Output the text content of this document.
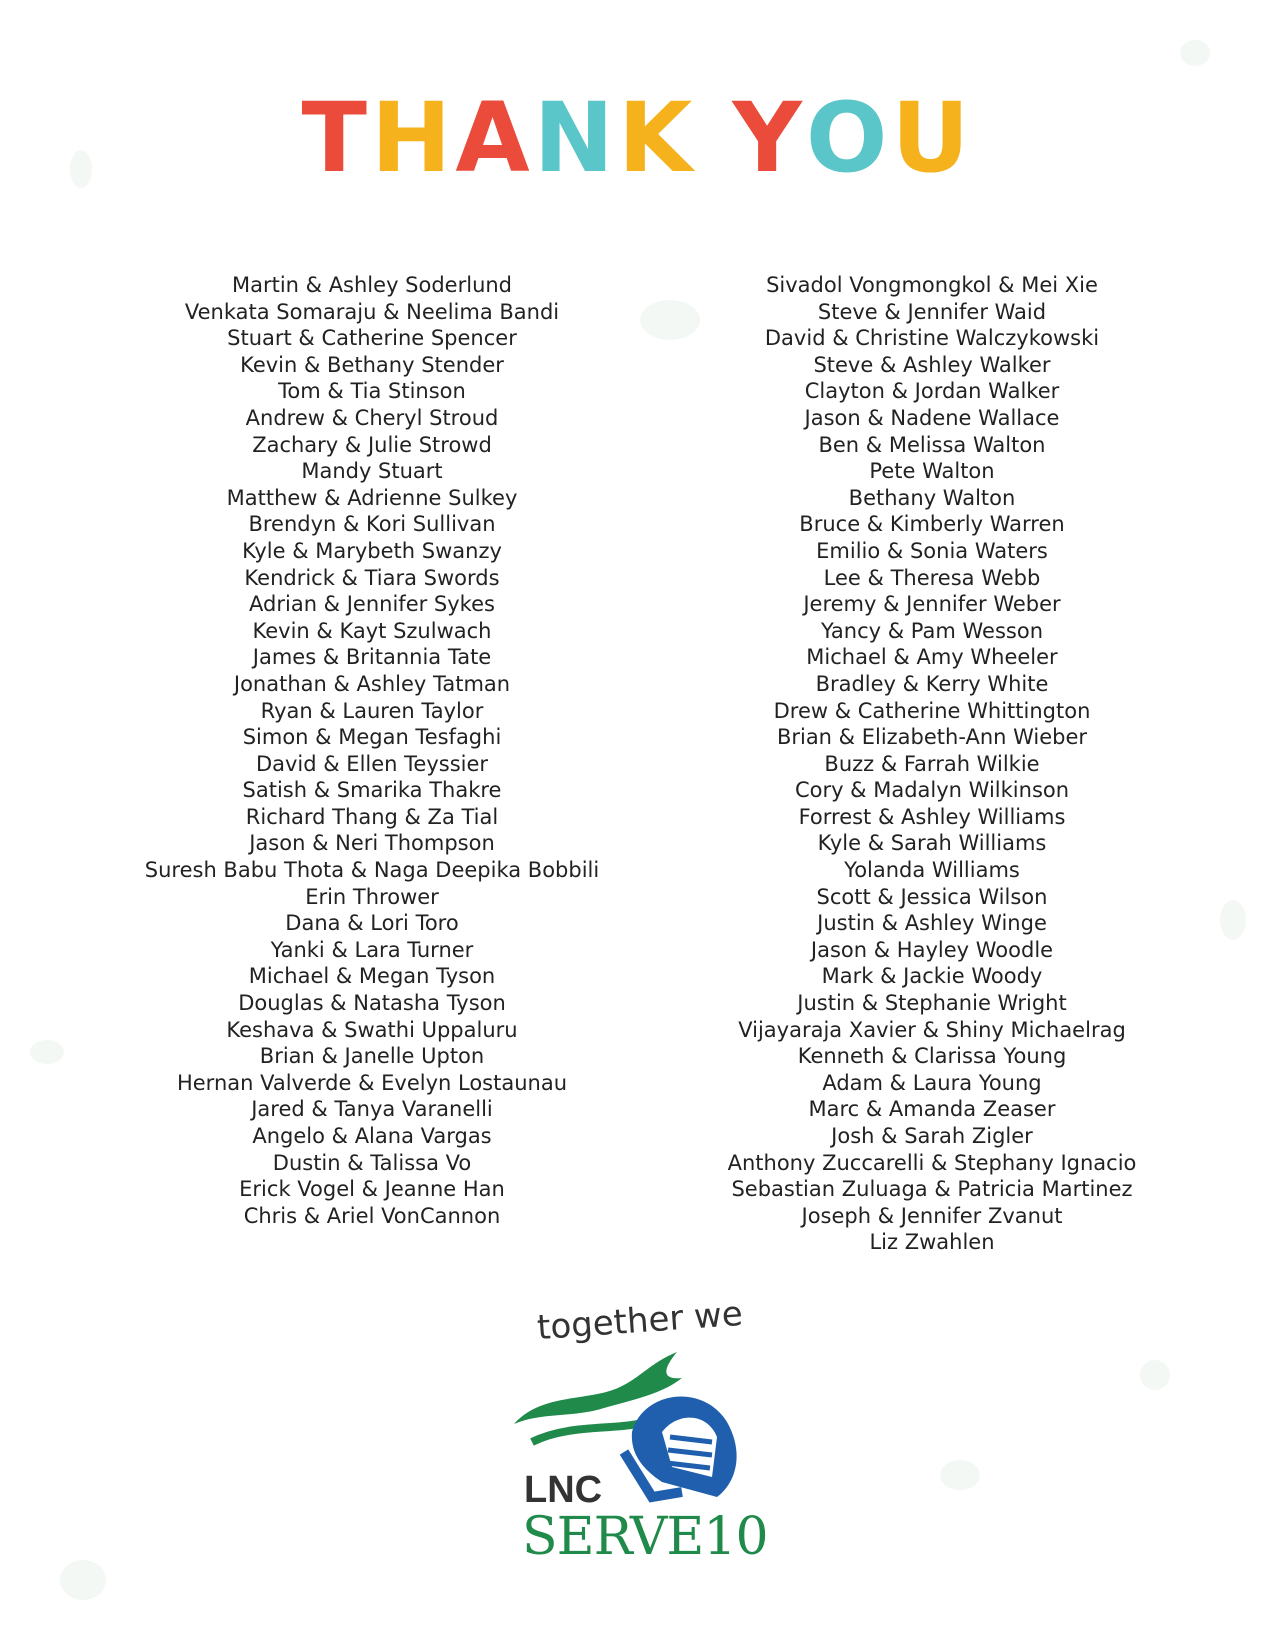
THANK YOU
Martin & Ashley Soderlund
Venkata Somaraju & Neelima Bandi
Stuart & Catherine Spencer
Kevin & Bethany Stender
Tom & Tia Stinson
Andrew & Cheryl Stroud
Zachary & Julie Strowd
Mandy Stuart
Matthew & Adrienne Sulkey
Brendyn & Kori Sullivan
Kyle & Marybeth Swanzy
Kendrick & Tiara Swords
Adrian & Jennifer Sykes
Kevin & Kayt Szulwach
James & Britannia Tate
Jonathan & Ashley Tatman
Ryan & Lauren Taylor
Simon & Megan Tesfaghi
David & Ellen Teyssier
Satish & Smarika Thakre
Richard Thang & Za Tial
Jason & Neri Thompson
Suresh Babu Thota & Naga Deepika Bobbili
Erin Thrower
Dana & Lori Toro
Yanki & Lara Turner
Michael & Megan Tyson
Douglas & Natasha Tyson
Keshava & Swathi Uppaluru
Brian & Janelle Upton
Hernan Valverde & Evelyn Lostaunau
Jared & Tanya Varanelli
Angelo & Alana Vargas
Dustin & Talissa Vo
Erick Vogel & Jeanne Han
Chris & Ariel VonCannon
Sivadol Vongmongkol & Mei Xie
Steve & Jennifer Waid
David & Christine Walczykowski
Steve & Ashley Walker
Clayton & Jordan Walker
Jason & Nadene Wallace
Ben & Melissa Walton
Pete Walton
Bethany Walton
Bruce & Kimberly Warren
Emilio & Sonia Waters
Lee & Theresa Webb
Jeremy & Jennifer Weber
Yancy & Pam Wesson
Michael & Amy Wheeler
Bradley & Kerry White
Drew & Catherine Whittington
Brian & Elizabeth-Ann Wieber
Buzz & Farrah Wilkie
Cory & Madalyn Wilkinson
Forrest & Ashley Williams
Kyle & Sarah Williams
Yolanda Williams
Scott & Jessica Wilson
Justin & Ashley Winge
Jason & Hayley Woodle
Mark & Jackie Woody
Justin & Stephanie Wright
Vijayaraja Xavier & Shiny Michaelrag
Kenneth & Clarissa Young
Adam & Laura Young
Marc & Amanda Zeaser
Josh & Sarah Zigler
Anthony Zuccarelli & Stephany Ignacio
Sebastian Zuluaga & Patricia Martinez
Joseph & Jennifer Zvanut
Liz Zwahlen
together we
LNC
SERVE10
